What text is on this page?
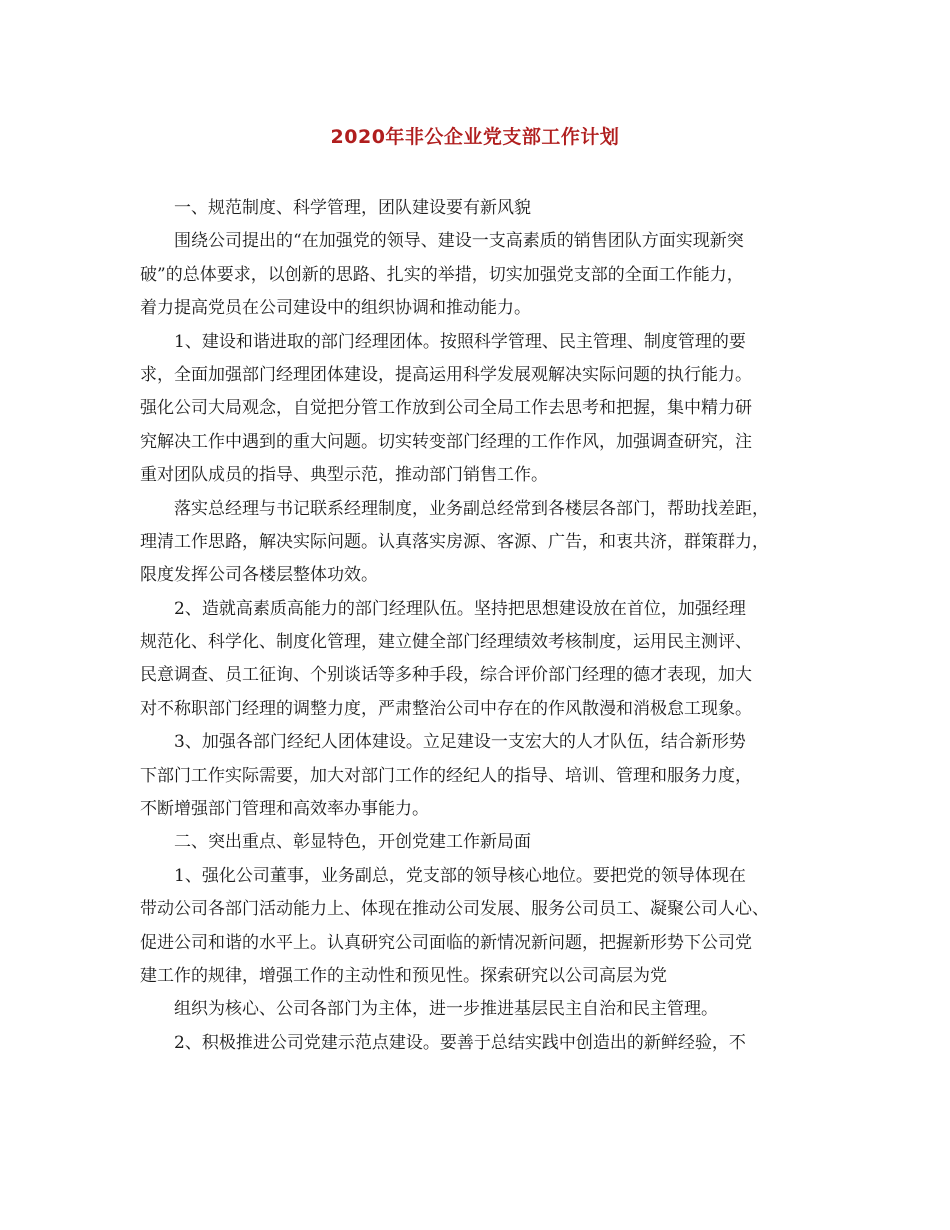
2020年非公企业党支部工作计划
一、规范制度、科学管理，团队建设要有新风貌
围绕公司提出的“在加强党的领导、建设一支高素质的销售团队方面实现新突
破”的总体要求，以创新的思路、扎实的举措，切实加强党支部的全面工作能力，
着力提高党员在公司建设中的组织协调和推动能力。
1、建设和谐进取的部门经理团体。按照科学管理、民主管理、制度管理的要
求，全面加强部门经理团体建设，提高运用科学发展观解决实际问题的执行能力。
强化公司大局观念，自觉把分管工作放到公司全局工作去思考和把握，集中精力研
究解决工作中遇到的重大问题。切实转变部门经理的工作作风，加强调查研究，注
重对团队成员的指导、典型示范，推动部门销售工作。
落实总经理与书记联系经理制度，业务副总经常到各楼层各部门，帮助找差距，
理清工作思路，解决实际问题。认真落实房源、客源、广告，和衷共济，群策群力，
限度发挥公司各楼层整体功效。
2、造就高素质高能力的部门经理队伍。坚持把思想建设放在首位，加强经理
规范化、科学化、制度化管理，建立健全部门经理绩效考核制度，运用民主测评、
民意调查、员工征询、个别谈话等多种手段，综合评价部门经理的德才表现，加大
对不称职部门经理的调整力度，严肃整治公司中存在的作风散漫和消极怠工现象。
3、加强各部门经纪人团体建设。立足建设一支宏大的人才队伍，结合新形势
下部门工作实际需要，加大对部门工作的经纪人的指导、培训、管理和服务力度，
不断增强部门管理和高效率办事能力。
二、突出重点、彰显特色，开创党建工作新局面
1、强化公司董事，业务副总，党支部的领导核心地位。要把党的领导体现在
带动公司各部门活动能力上、体现在推动公司发展、服务公司员工、凝聚公司人心、
促进公司和谐的水平上。认真研究公司面临的新情况新问题，把握新形势下公司党
建工作的规律，增强工作的主动性和预见性。探索研究以公司高层为党
组织为核心、公司各部门为主体，进一步推进基层民主自治和民主管理。
2、积极推进公司党建示范点建设。要善于总结实践中创造出的新鲜经验，不
